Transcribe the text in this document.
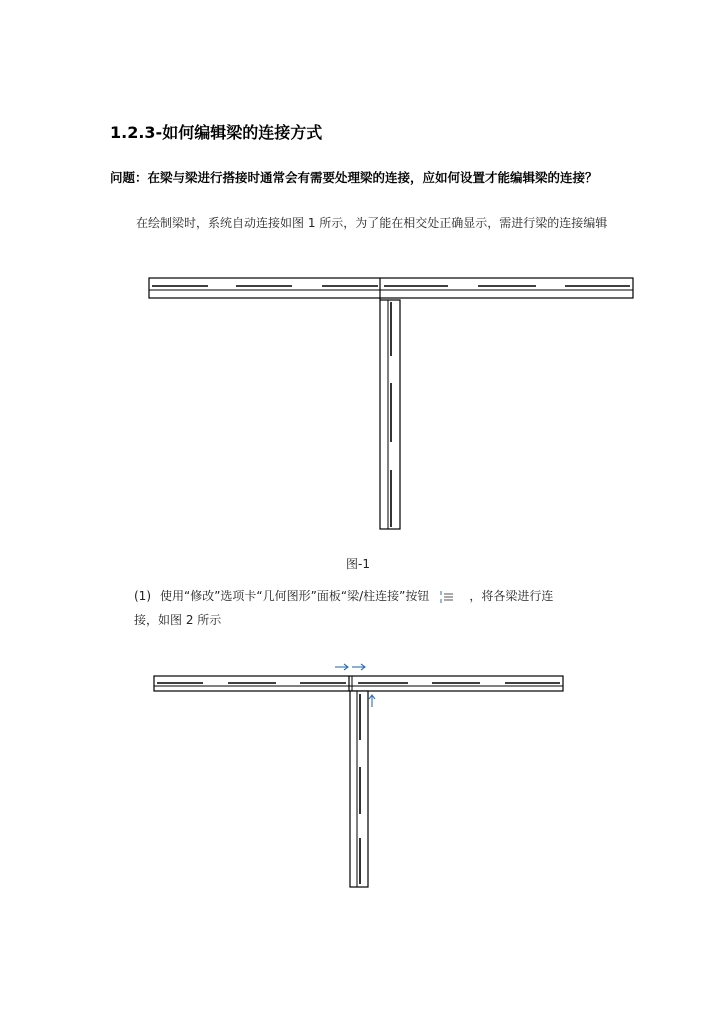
1.2.3-如何编辑梁的连接方式
问题：在梁与梁进行搭接时通常会有需要处理梁的连接，应如何设置才能编辑梁的连接？
在绘制梁时，系统自动连接如图 1 所示，为了能在相交处正确显示，需进行梁的连接编辑
图-1
(1) 使用“修改”选项卡“几何图形”面板“梁/柱连接”按钮	，将各梁进行连
接，如图 2 所示
